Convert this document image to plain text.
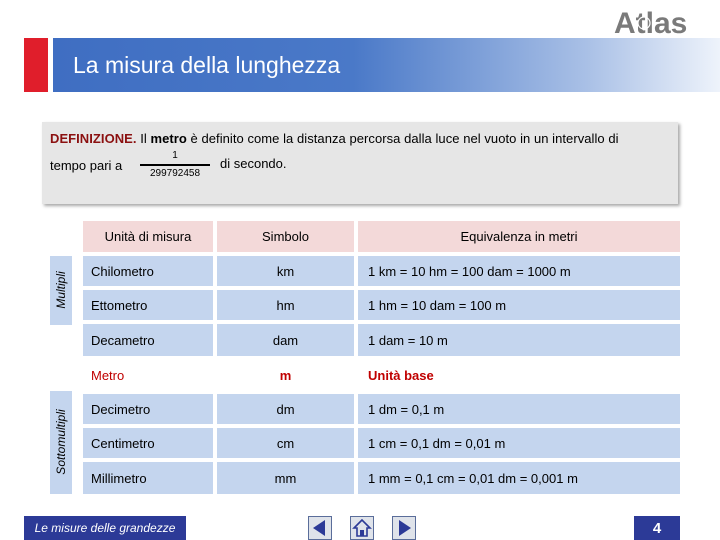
Atlas
La misura della lunghezza
DEFINIZIONE. Il metro è definito come la distanza percorsa dalla luce nel vuoto in un intervallo di
tempo pari a
1
299792458
di secondo.
Multipli
Sottomultipli
Unità di misura	Simbolo	Equivalenza in metri
Chilometro	km	1 km = 10 hm = 100 dam = 1000 m
Ettometro	hm	1 hm = 10 dam = 100 m
Decametro	dam	1 dam = 10 m
Metro	m	Unità base
Decimetro	dm	1 dm = 0,1 m
Centimetro	cm	1 cm = 0,1 dm = 0,01 m
Millimetro	mm	1 mm = 0,1 cm = 0,01 dm = 0,001 m
Le misure delle grandezze	4
